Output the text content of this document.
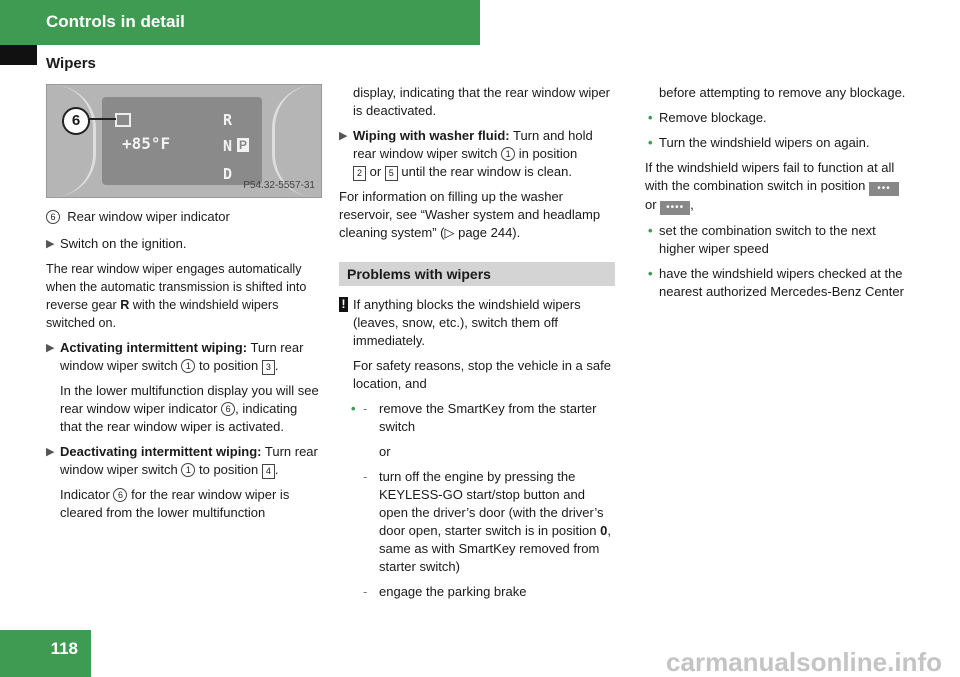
Controls in detail
Wipers
+85°F
R
N P
D
6
P54.32-5557-31

6 Rear window wiper indicator

▶ Switch on the ignition.

The rear window wiper engages automatically when the automatic transmission is shifted into reverse gear R with the windshield wipers switched on.

▶ Activating intermittent wiping: Turn rear window wiper switch 1 to position 3 .

In the lower multifunction display you will see rear window wiper indicator 6 , indicating that the rear window wiper is activated.

▶ Deactivating intermittent wiping: Turn rear window wiper switch 1 to position 4 .

Indicator 6 for the rear window wiper is cleared from the lower multifunction

display, indicating that the rear window wiper is deactivated.

▶ Wiping with washer fluid: Turn and hold rear window wiper switch 1 in position
2 or 5 until the rear window is clean.

For information on filling up the washer reservoir, see “Washer system and headlamp cleaning system” (▷ page 244).

Problems with wipers

! If anything blocks the windshield wipers (leaves, snow, etc.), switch them off immediately.

For safety reasons, stop the vehicle in a safe location, and

• - remove the SmartKey from the starter switch

or

- turn off the engine by pressing the KEYLESS-GO start/stop button and open the driver’s door (with the driver’s door open, starter switch is in position 0, same as with SmartKey removed from starter switch)

- engage the parking brake

before attempting to remove any blockage.

• Remove blockage.

• Turn the windshield wipers on again.

If the windshield wipers fail to function at all with the combination switch in position ••• or •••• ,

• set the combination switch to the next higher wiper speed

• have the windshield wipers checked at the nearest authorized Mercedes-Benz Center

118	carmanualsonline.info
